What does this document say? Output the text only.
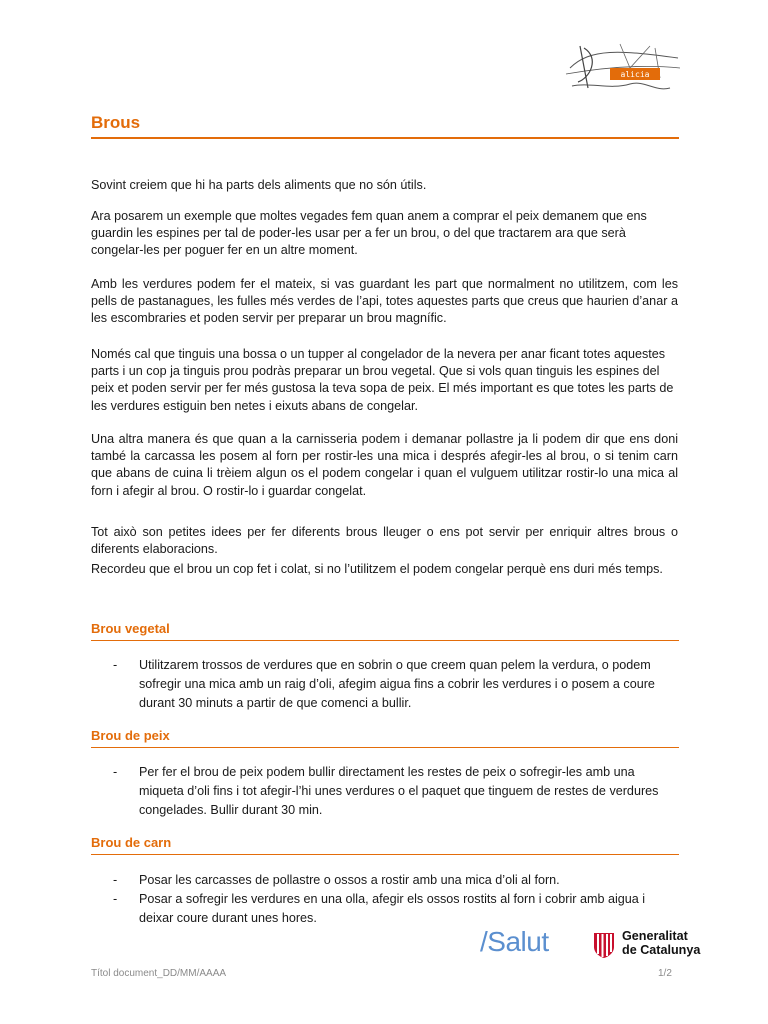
alicia
Brous

Sovint creiem que hi ha parts dels aliments que no són útils.

Ara posarem un exemple que moltes vegades fem quan anem a comprar el peix demanem que ens guardin les espines per tal de poder-les usar per a fer un brou, o del que tractarem ara que serà congelar-les per poguer fer en un altre moment.

Amb les verdures podem fer el mateix, si vas guardant les part que normalment no utilitzem, com les pells de pastanagues, les fulles més verdes de l’api, totes aquestes parts que creus que haurien d’anar a les escombraries et poden servir per preparar un brou magnífic.

Només cal que tinguis una bossa o un tupper al congelador de la nevera per anar ficant totes aquestes parts i un cop ja tinguis prou podràs preparar un brou vegetal. Que si vols quan tinguis les espines del peix et poden servir per fer més gustosa la teva sopa de peix. El més important es que totes les parts de les verdures estiguin ben netes i eixuts abans de congelar.

Una altra manera és que quan a la carnisseria podem i demanar pollastre ja li podem dir que ens doni també la carcassa les posem al forn per rostir-les una mica i després afegir-les al brou, o si tenim carn que abans de cuina li trèiem algun os el podem congelar i quan el vulguem utilitzar rostir-lo una mica al forn i afegir al brou. O rostir-lo i guardar congelat.

Tot això son petites idees per fer diferents brous lleuger o ens pot servir per enriquir altres brous o diferents elaboracions.

Recordeu que el brou un cop fet i colat, si no l’utilitzem el podem congelar perquè ens duri més temps.

Brou vegetal
- Utilitzarem trossos de verdures que en sobrin o que creem quan pelem la verdura, o podem sofregir una mica amb un raig d’oli, afegim aigua fins a cobrir les verdures i o posem a coure durant 30 minuts a partir de que comenci a bullir.
Brou de peix
- Per fer el brou de peix podem bullir directament les restes de peix o sofregir-les amb una miqueta d’oli fins i tot afegir-l’hi unes verdures o el paquet que tinguem de restes de verdures congelades. Bullir durant 30 min.
Brou de carn
- Posar les carcasses de pollastre o ossos a rostir amb una mica d’oli al forn.
- Posar a sofregir les verdures en una olla, afegir els ossos rostits al forn i cobrir amb aigua i deixar coure durant unes hores.
/Salut	Generalitat
de Catalunya
Títol document_DD/MM/AAAA	1/2
